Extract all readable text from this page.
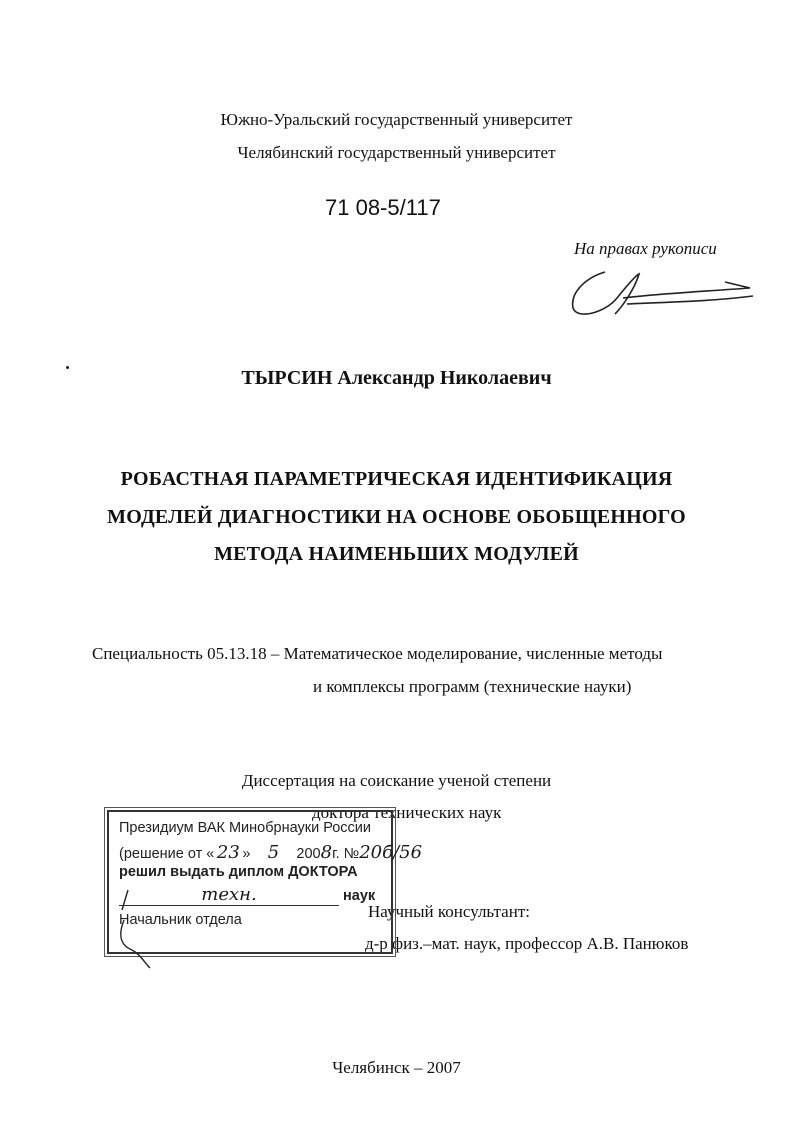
Южно-Уральский государственный университет
Челябинский государственный университет
71 08-5/117
На правах рукописи
ТЫРСИН Александр Николаевич
РОБАСТНАЯ ПАРАМЕТРИЧЕСКАЯ ИДЕНТИФИКАЦИЯ
МОДЕЛЕЙ ДИАГНОСТИКИ НА ОСНОВЕ ОБОБЩЕННОГО
МЕТОДА НАИМЕНЬШИХ МОДУЛЕЙ
Специальность 05.13.18 – Математическое моделирование, численные методы
и комплексы программ (технические науки)
Диссертация на соискание ученой степени
доктора технических наук
Научный консультант:
д-р физ.–мат. наук, профессор А.В. Панюков
Президиум ВАК Минобрнауки России
(решение от « 23 » 5 2008г. №20б/56
решил выдать диплом ДОКТОРА
техн.	наук
Начальник отдела
Челябинск – 2007
